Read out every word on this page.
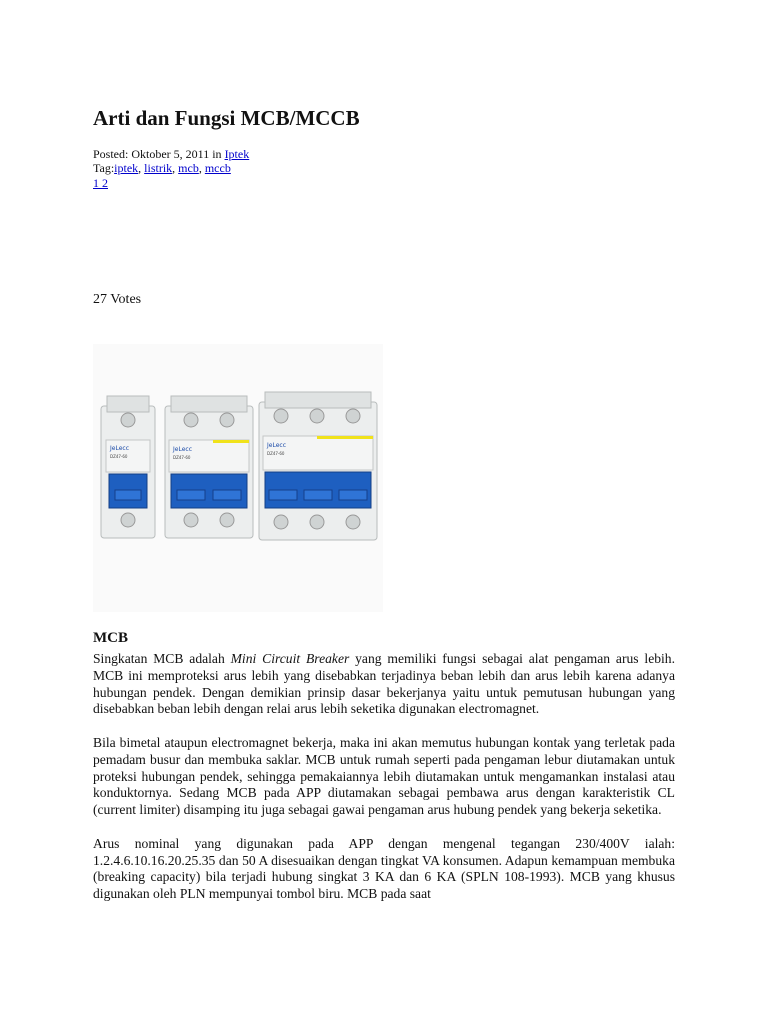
Arti dan Fungsi MCB/MCCB
Posted: Oktober 5, 2011 in Iptek
Tag:iptek, listrik, mcb, mccb
1 2
27 Votes
JeLecc
DZ47-60
JeLecc
DZ47-60
JeLecc
DZ47-60
MCB

Singkatan MCB adalah Mini Circuit Breaker yang memiliki fungsi sebagai alat pengaman arus lebih. MCB ini memproteksi arus lebih yang disebabkan terjadinya beban lebih dan arus lebih karena adanya hubungan pendek. Dengan demikian prinsip dasar bekerjanya yaitu untuk pemutusan hubungan yang disebabkan beban lebih dengan relai arus lebih seketika digunakan electromagnet.

Bila bimetal ataupun electromagnet bekerja, maka ini akan memutus hubungan kontak yang terletak pada pemadam busur dan membuka saklar. MCB untuk rumah seperti pada pengaman lebur diutamakan untuk proteksi hubungan pendek, sehingga pemakaiannya lebih diutamakan untuk mengamankan instalasi atau konduktornya. Sedang MCB pada APP diutamakan sebagai pembawa arus dengan karakteristik CL (current limiter) disamping itu juga sebagai gawai pengaman arus hubung pendek yang bekerja seketika.

Arus nominal yang digunakan pada APP dengan mengenal tegangan 230/400V ialah: 1.2.4.6.10.16.20.25.35 dan 50 A disesuaikan dengan tingkat VA konsumen. Adapun kemampuan membuka (breaking capacity) bila terjadi hubung singkat 3 KA dan 6 KA (SPLN 108-1993). MCB yang khusus digunakan oleh PLN mempunyai tombol biru. MCB pada saat
